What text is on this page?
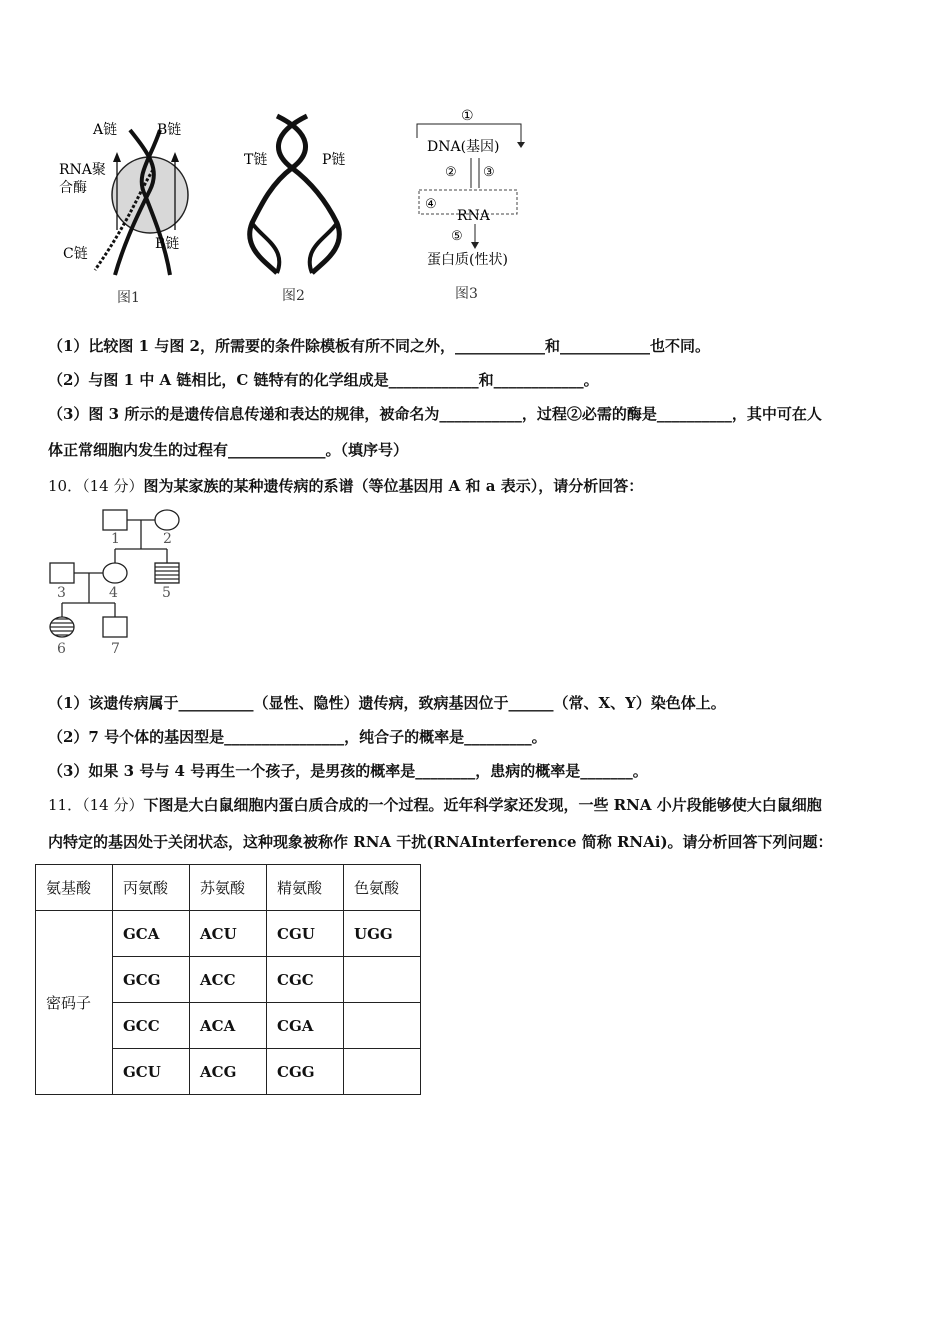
A链	B链
RNA聚
合酶
C链
B链
图1
T链	P链
图2
①
DNA(基因)
② ③
④
RNA
⑤
蛋白质(性状)
图3
（1）比较图 1 与图 2，所需要的条件除模板有所不同之外，____________和____________也不同。
（2）与图 1 中 A 链相比，C 链特有的化学组成是____________和____________。
（3）图 3 所示的是遗传信息传递和表达的规律，被命名为___________，过程②必需的酶是__________，其中可在人
体正常细胞内发生的过程有_____________。（填序号）
10．（14 分）图为某家族的某种遗传病的系谱（等位基因用 A 和 a 表示），请分析回答：
1	2
3	4	5
6	7
（1）该遗传病属于__________（显性、隐性）遗传病，致病基因位于______（常、X、Y）染色体上。
（2）7 号个体的基因型是________________，纯合子的概率是_________。
（3）如果 3 号与 4 号再生一个孩子，是男孩的概率是________，患病的概率是_______。
11．（14 分）下图是大白鼠细胞内蛋白质合成的一个过程。近年科学家还发现，一些 RNA 小片段能够使大白鼠细胞
内特定的基因处于关闭状态，这种现象被称作 RNA 干扰(RNAInterference 简称 RNAi)。请分析回答下列问题：
氨基酸	丙氨酸	苏氨酸	精氨酸	色氨酸
密码子	GCA	ACU	CGU	UGG
	GCG	ACC	CGC	
	GCC	ACA	CGA	
	GCU	ACG	CGG	
